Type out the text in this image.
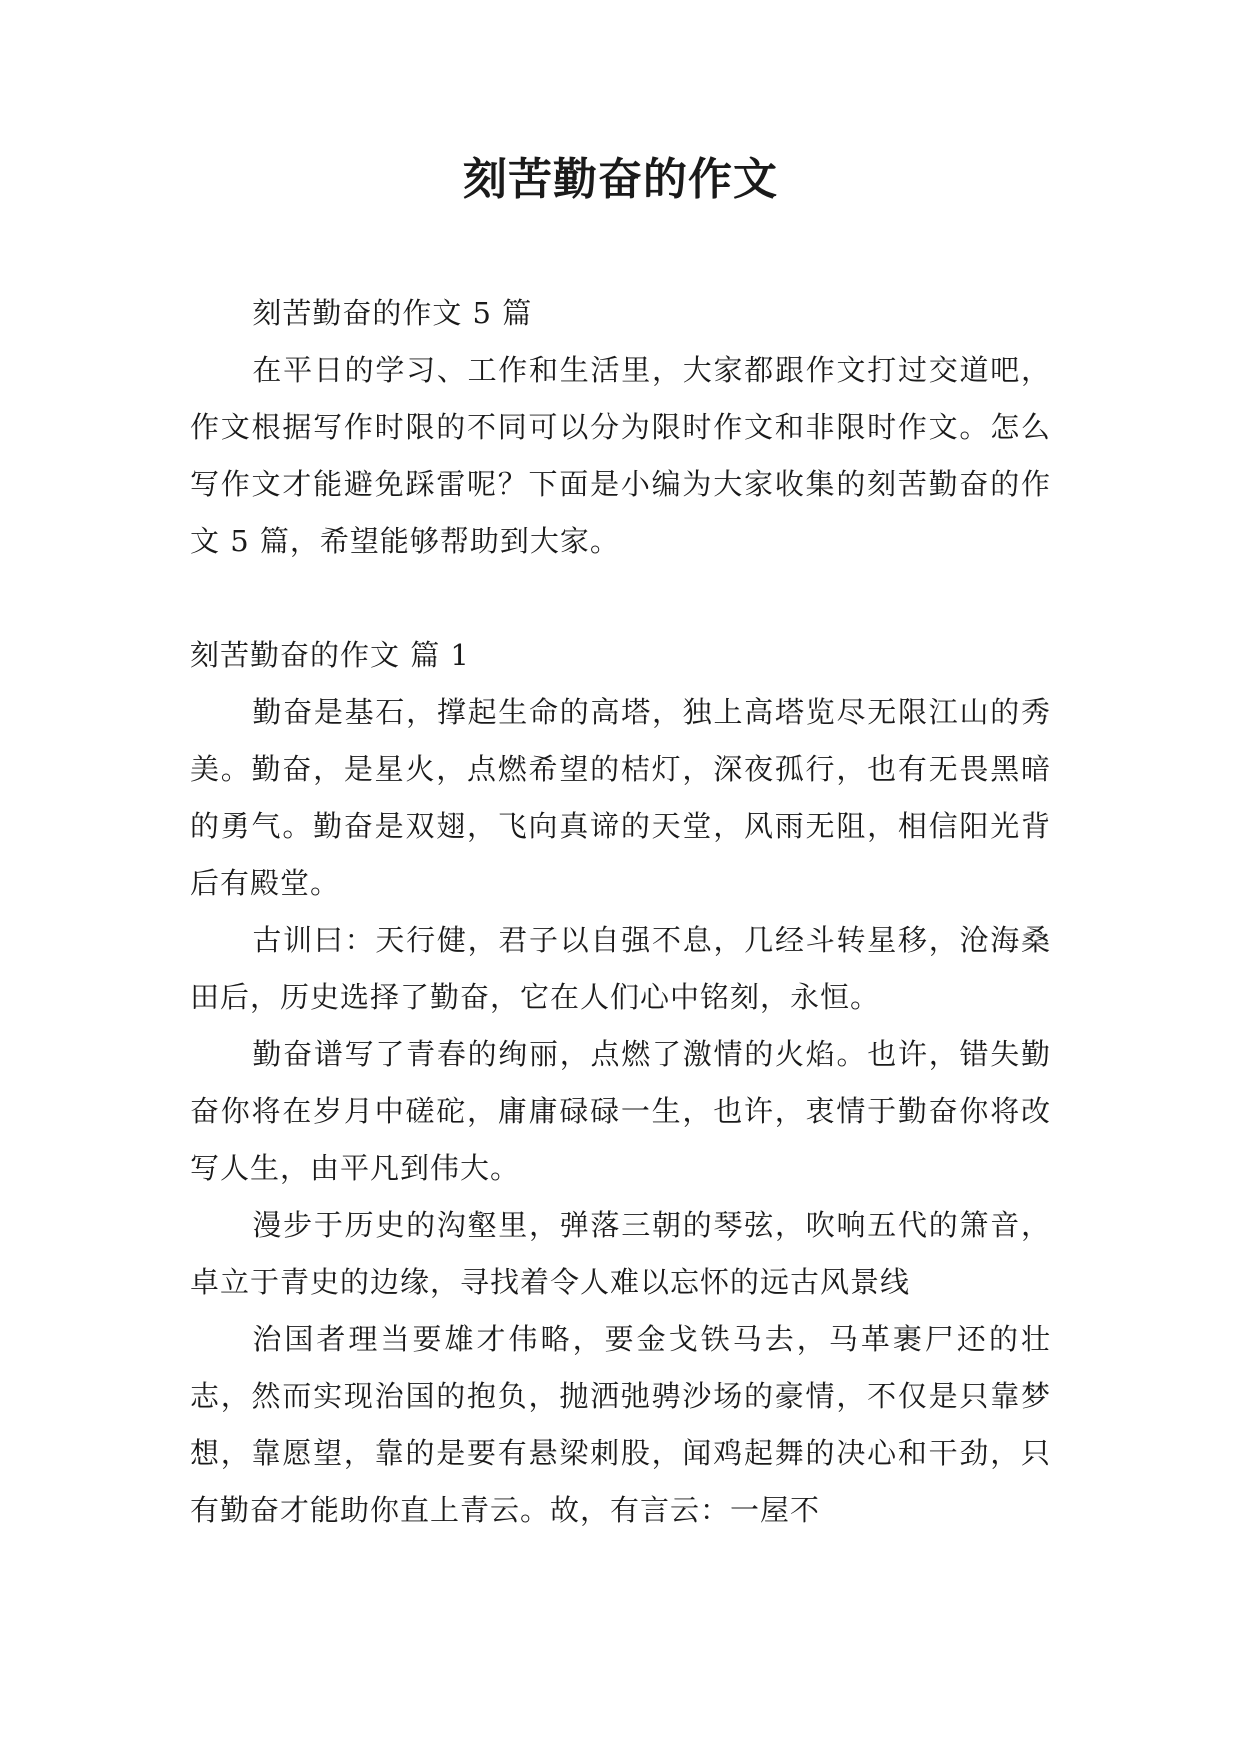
刻苦勤奋的作文

刻苦勤奋的作文 5 篇

在平日的学习、工作和生活里，大家都跟作文打过交道吧，作文根据写作时限的不同可以分为限时作文和非限时作文。怎么写作文才能避免踩雷呢？下面是小编为大家收集的刻苦勤奋的作文 5 篇，希望能够帮助到大家。

刻苦勤奋的作文 篇 1

勤奋是基石，撑起生命的高塔，独上高塔览尽无限江山的秀美。勤奋，是星火，点燃希望的桔灯，深夜孤行，也有无畏黑暗的勇气。勤奋是双翅，飞向真谛的天堂，风雨无阻，相信阳光背后有殿堂。

古训曰：天行健，君子以自强不息，几经斗转星移，沧海桑田后，历史选择了勤奋，它在人们心中铭刻，永恒。

勤奋谱写了青春的绚丽，点燃了激情的火焰。也许，错失勤奋你将在岁月中磋砣，庸庸碌碌一生，也许，衷情于勤奋你将改写人生，由平凡到伟大。

漫步于历史的沟壑里，弹落三朝的琴弦，吹响五代的箫音，卓立于青史的边缘，寻找着令人难以忘怀的远古风景线

治国者理当要雄才伟略，要金戈铁马去，马革裹尸还的壮志，然而实现治国的抱负，抛洒弛骋沙场的豪情，不仅是只靠梦想，靠愿望，靠的是要有悬梁刺股，闻鸡起舞的决心和干劲，只有勤奋才能助你直上青云。故，有言云：一屋不
